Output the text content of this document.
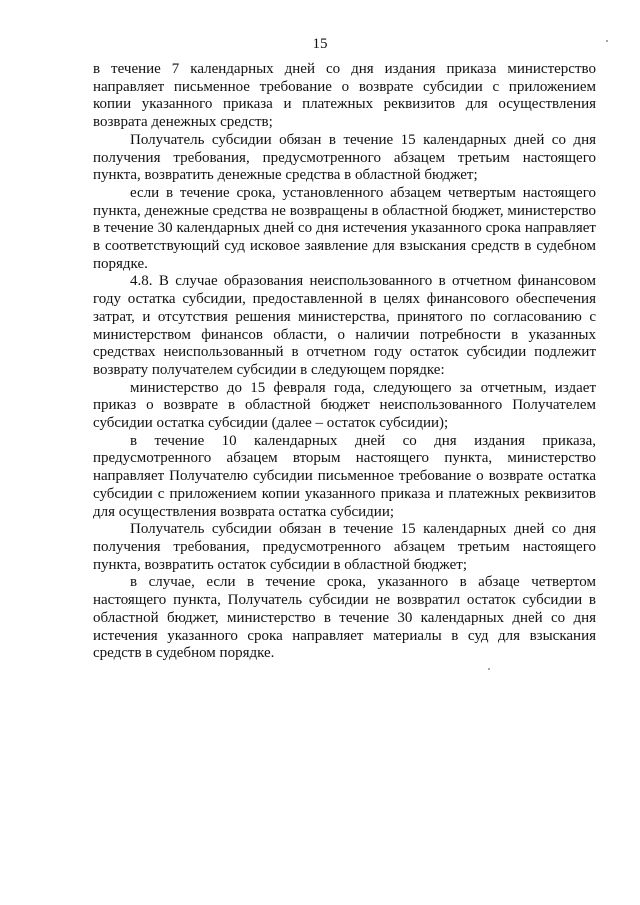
15

в течение 7 календарных дней со дня издания приказа министерство направляет письменное требование о возврате субсидии с приложением копии указанного приказа и платежных реквизитов для осуществления возврата денежных средств;

Получатель субсидии обязан в течение 15 календарных дней со дня получения требования, предусмотренного абзацем третьим настоящего пункта, возвратить денежные средства в областной бюджет;

если в течение срока, установленного абзацем четвертым настоящего пункта, денежные средства не возвращены в областной бюджет, министерство в течение 30 календарных дней со дня истечения указанного срока направляет в соответствующий суд исковое заявление для взыскания средств в судебном порядке.

4.8. В случае образования неиспользованного в отчетном финансовом году остатка субсидии, предоставленной в целях финансового обеспечения затрат, и отсутствия решения министерства, принятого по согласованию с министерством финансов области, о наличии потребности в указанных средствах неиспользованный в отчетном году остаток субсидии подлежит возврату получателем субсидии в следующем порядке:

министерство до 15 февраля года, следующего за отчетным, издает приказ о возврате в областной бюджет неиспользованного Получателем субсидии остатка субсидии (далее – остаток субсидии);

в течение 10 календарных дней со дня издания приказа, предусмотренного абзацем вторым настоящего пункта, министерство направляет Получателю субсидии письменное требование о возврате остатка субсидии с приложением копии указанного приказа и платежных реквизитов для осуществления возврата остатка субсидии;

Получатель субсидии обязан в течение 15 календарных дней со дня получения требования, предусмотренного абзацем третьим настоящего пункта, возвратить остаток субсидии в областной бюджет;

в случае, если в течение срока, указанного в абзаце четвертом настоящего пункта, Получатель субсидии не возвратил остаток субсидии в областной бюджет, министерство в течение 30 календарных дней со дня истечения указанного срока направляет материалы в суд для взыскания средств в судебном порядке.
